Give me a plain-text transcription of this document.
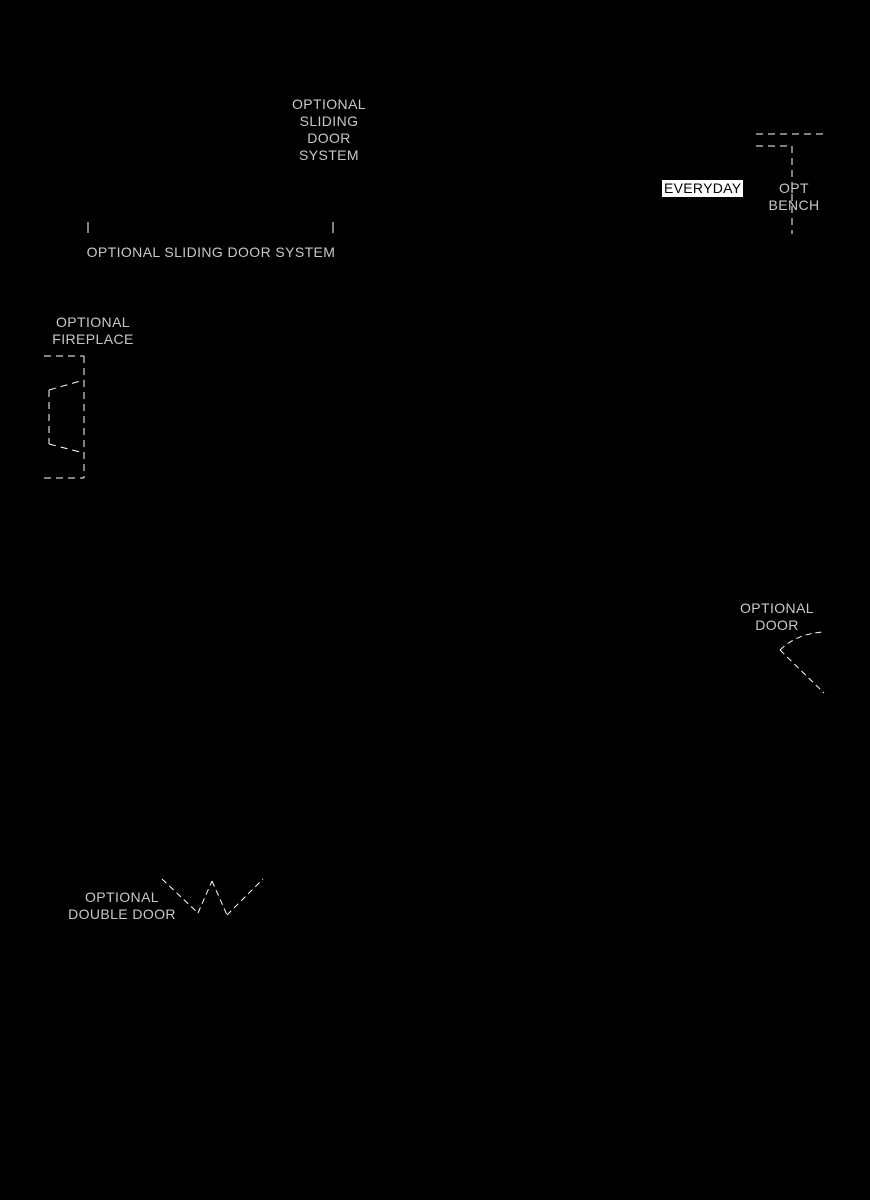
OPTIONAL
SLIDING
DOOR
SYSTEM
OPTIONAL SLIDING DOOR SYSTEM
EVERYDAY	OPT
BENCH
OPTIONAL
FIREPLACE
OPTIONAL
DOOR
OPTIONAL
DOUBLE DOOR
